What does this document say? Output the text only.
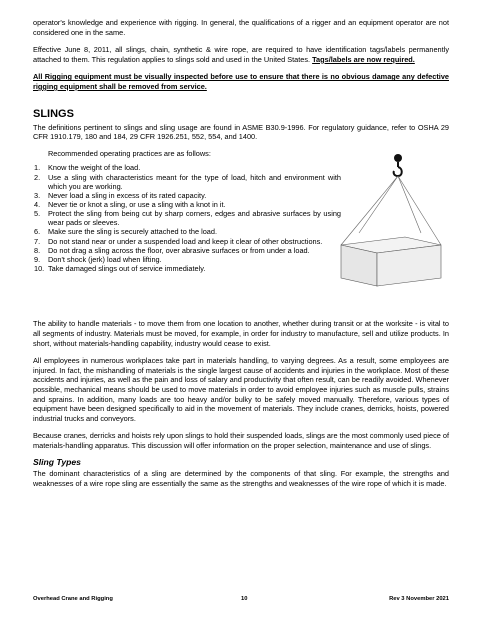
operator's knowledge and experience with rigging. In general, the qualifications of a rigger and an equipment operator are not considered one in the same.

Effective June 8, 2011, all slings, chain, synthetic & wire rope, are required to have identification tags/labels permanently attached to them. This regulation applies to slings sold and used in the United States. Tags/labels are now required.

All Rigging equipment must be visually inspected before use to ensure that there is no obvious damage any defective rigging equipment shall be removed from service.

SLINGS

The definitions pertinent to slings and sling usage are found in ASME B30.9-1996. For regulatory guidance, refer to OSHA 29 CFR 1910.179, 180 and 184, 29 CFR 1926.251, 552, 554, and 1400.

Recommended operating practices are as follows:

1.	Know the weight of the load.
2.	Use a sling with characteristics meant for the type of load, hitch and environment with which you are working.
3.	Never load a sling in excess of its rated capacity.
4.	Never tie or knot a sling, or use a sling with a knot in it.
5.	Protect the sling from being cut by sharp corners, edges and abrasive surfaces by using wear pads or sleeves.
6.	Make sure the sling is securely attached to the load.
7.	Do not stand near or under a suspended load and keep it clear of other obstructions.
8.	Do not drag a sling across the floor, over abrasive surfaces or from under a load.
9.	Don't shock (jerk) load when lifting.
10. Take damaged slings out of service immediately.

The ability to handle materials - to move them from one location to another, whether during transit or at the worksite - is vital to all segments of industry. Materials must be moved, for example, in order for industry to manufacture, sell and utilize products. In short, without materials-handling capability, industry would cease to exist.

All employees in numerous workplaces take part in materials handling, to varying degrees. As a result, some employees are injured. In fact, the mishandling of materials is the single largest cause of accidents and injuries in the workplace. Most of these accidents and injuries, as well as the pain and loss of salary and productivity that often result, can be readily avoided. Whenever possible, mechanical means should be used to move materials in order to avoid employee injuries such as muscle pulls, strains and sprains. In addition, many loads are too heavy and/or bulky to be safely moved manually. Therefore, various types of equipment have been designed specifically to aid in the movement of materials. They include cranes, derricks, hoists, powered industrial trucks and conveyors.

Because cranes, derricks and hoists rely upon slings to hold their suspended loads, slings are the most commonly used piece of materials-handling apparatus. This discussion will offer information on the proper selection, maintenance and use of slings.

Sling Types

The dominant characteristics of a sling are determined by the components of that sling. For example, the strengths and weaknesses of a wire rope sling are essentially the same as the strengths and weaknesses of the wire rope of which it is made.

Overhead Crane and Rigging	10	Rev 3 November 2021
